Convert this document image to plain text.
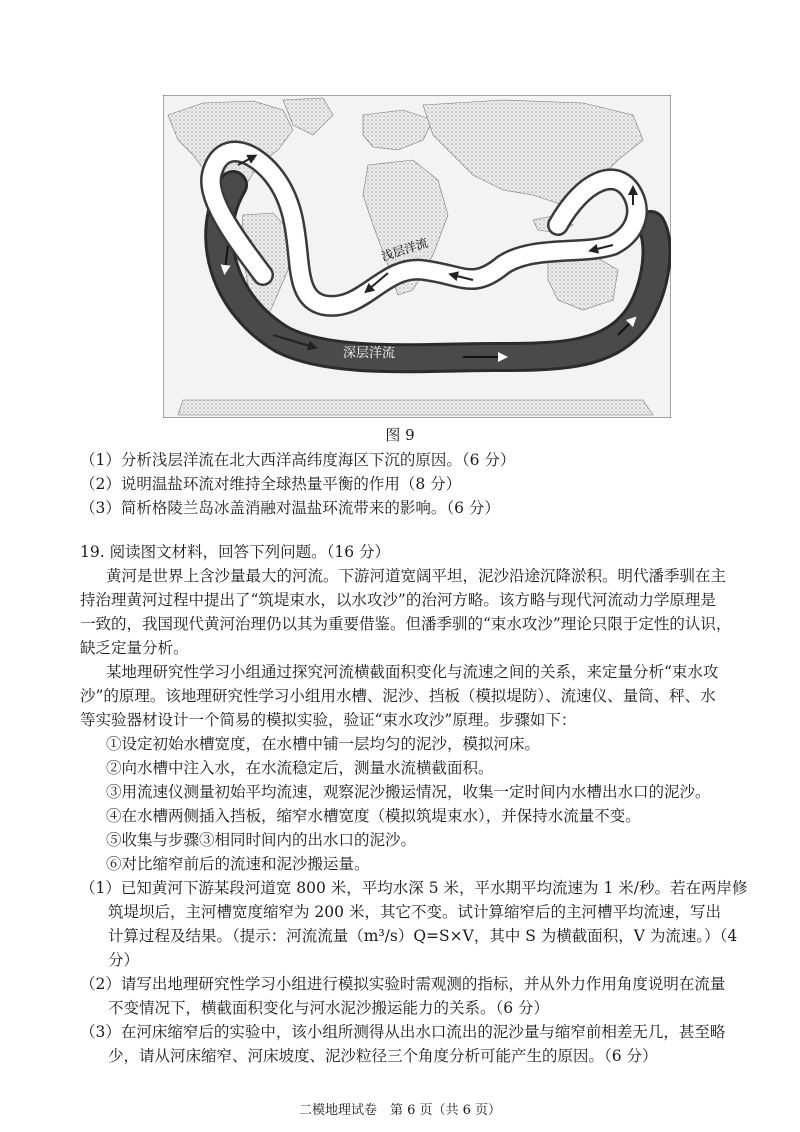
浅层洋流
深层洋流
图 9
（1）分析浅层洋流在北大西洋高纬度海区下沉的原因。（6 分）
（2）说明温盐环流对维持全球热量平衡的作用（8 分）
（3）简析格陵兰岛冰盖消融对温盐环流带来的影响。（6 分）
19. 阅读图文材料，回答下列问题。（16 分）
黄河是世界上含沙量最大的河流。下游河道宽阔平坦，泥沙沿途沉降淤积。明代潘季驯在主
持治理黄河过程中提出了“筑堤束水，以水攻沙”的治河方略。该方略与现代河流动力学原理是
一致的，我国现代黄河治理仍以其为重要借鉴。但潘季驯的“束水攻沙”理论只限于定性的认识，
缺乏定量分析。
某地理研究性学习小组通过探究河流横截面积变化与流速之间的关系，来定量分析“束水攻
沙”的原理。该地理研究性学习小组用水槽、泥沙、挡板（模拟堤防）、流速仪、量筒、秤、水
等实验器材设计一个简易的模拟实验，验证“束水攻沙”原理。步骤如下：
①设定初始水槽宽度，在水槽中铺一层均匀的泥沙，模拟河床。
②向水槽中注入水，在水流稳定后，测量水流横截面积。
③用流速仪测量初始平均流速，观察泥沙搬运情况，收集一定时间内水槽出水口的泥沙。
④在水槽两侧插入挡板，缩窄水槽宽度（模拟筑堤束水），并保持水流量不变。
⑤收集与步骤③相同时间内的出水口的泥沙。
⑥对比缩窄前后的流速和泥沙搬运量。
（1）已知黄河下游某段河道宽 800 米，平均水深 5 米，平水期平均流速为 1 米/秒。若在两岸修
筑堤坝后，主河槽宽度缩窄为 200 米，其它不变。试计算缩窄后的主河槽平均流速，写出
计算过程及结果。（提示：河流流量（m³/s）Q=S×V，其中 S 为横截面积，V 为流速。）（4
分）
（2）请写出地理研究性学习小组进行模拟实验时需观测的指标，并从外力作用角度说明在流量
不变情况下，横截面积变化与河水泥沙搬运能力的关系。（6 分）
（3）在河床缩窄后的实验中，该小组所测得从出水口流出的泥沙量与缩窄前相差无几，甚至略
少，请从河床缩窄、河床坡度、泥沙粒径三个角度分析可能产生的原因。（6 分）
二模地理试卷　第 6 页（共 6 页）
